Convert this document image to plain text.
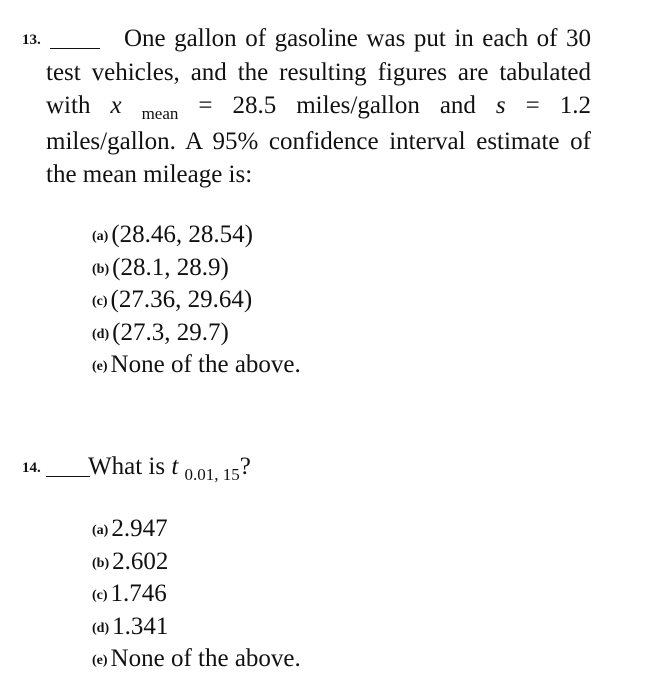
13.	One gallon of gasoline was put in each of 30 test vehicles, and the resulting figures are tabulated with x $_{mean}$ = 28.5 miles/gallon and s = 1.2 miles/gallon. A 95% confidence interval estimate of the mean mileage is:
(a) (28.46, 28.54)
(b) (28.1, 28.9)
(c) (27.36, 29.64)
(d) (27.3, 29.7)
(e) None of the above.
14. What is t $_{0.01, 15}$?
(a) 2.947
(b) 2.602
(c) 1.746
(d) 1.341
(e) None of the above.
